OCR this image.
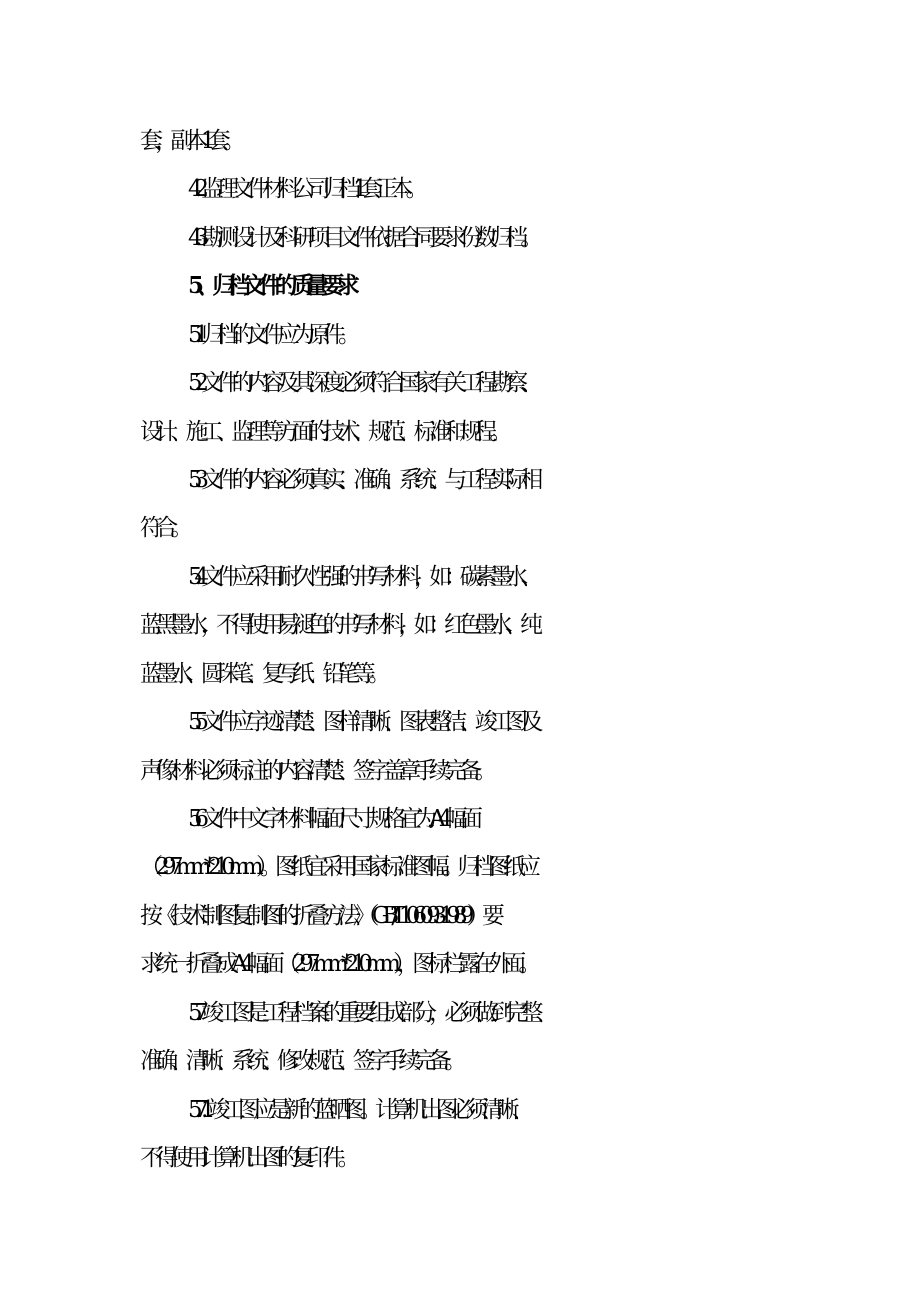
套，副本1套。
4.2监理文件材料公司归档1套正本。
4.3勘测设计及科研项目文件依据合同要求份数归档。
5、归档文件的质量要求
5.1归档的文件应为原件。
5.2文件的内容及其深度必须符合国家有关工程勘察、
设计、施工、监理等方面的技术、规范、标准和规程。
5.3文件的内容必须真实、准确、系统、与工程实际相
符合。
5.4文件应采用耐久性强的书写材料，如：碳素墨水、
蓝黑墨水，不得使用易褪色的书写材料，如：红色墨水、纯
蓝墨水、圆珠笔、复写纸、铅笔等。
5.5文件应字迹清楚、图样清晰、图表整洁、竣工图及
声像材料必须标注的内容清楚、签字盖章手续完备。
5.6文件中文字材料幅面尺寸规格宜为A4幅面
（297mm*210mm）。图纸宜采用国家标准图幅。归档图纸应
按《技术制图复制图的折叠方法》（GB/T10609.3-1989）要
求统一折叠成A4幅面（297mm*210mm），图标栏露在外面。
5.7竣工图是工程档案的重要组成部分，必须做到完整、
准确、清晰、系统、修改规范、签字手续完备。
5.7.1竣工图应是新的蓝晒图。计算机出图必须清晰、
不得使用计算机出图的复印件。
